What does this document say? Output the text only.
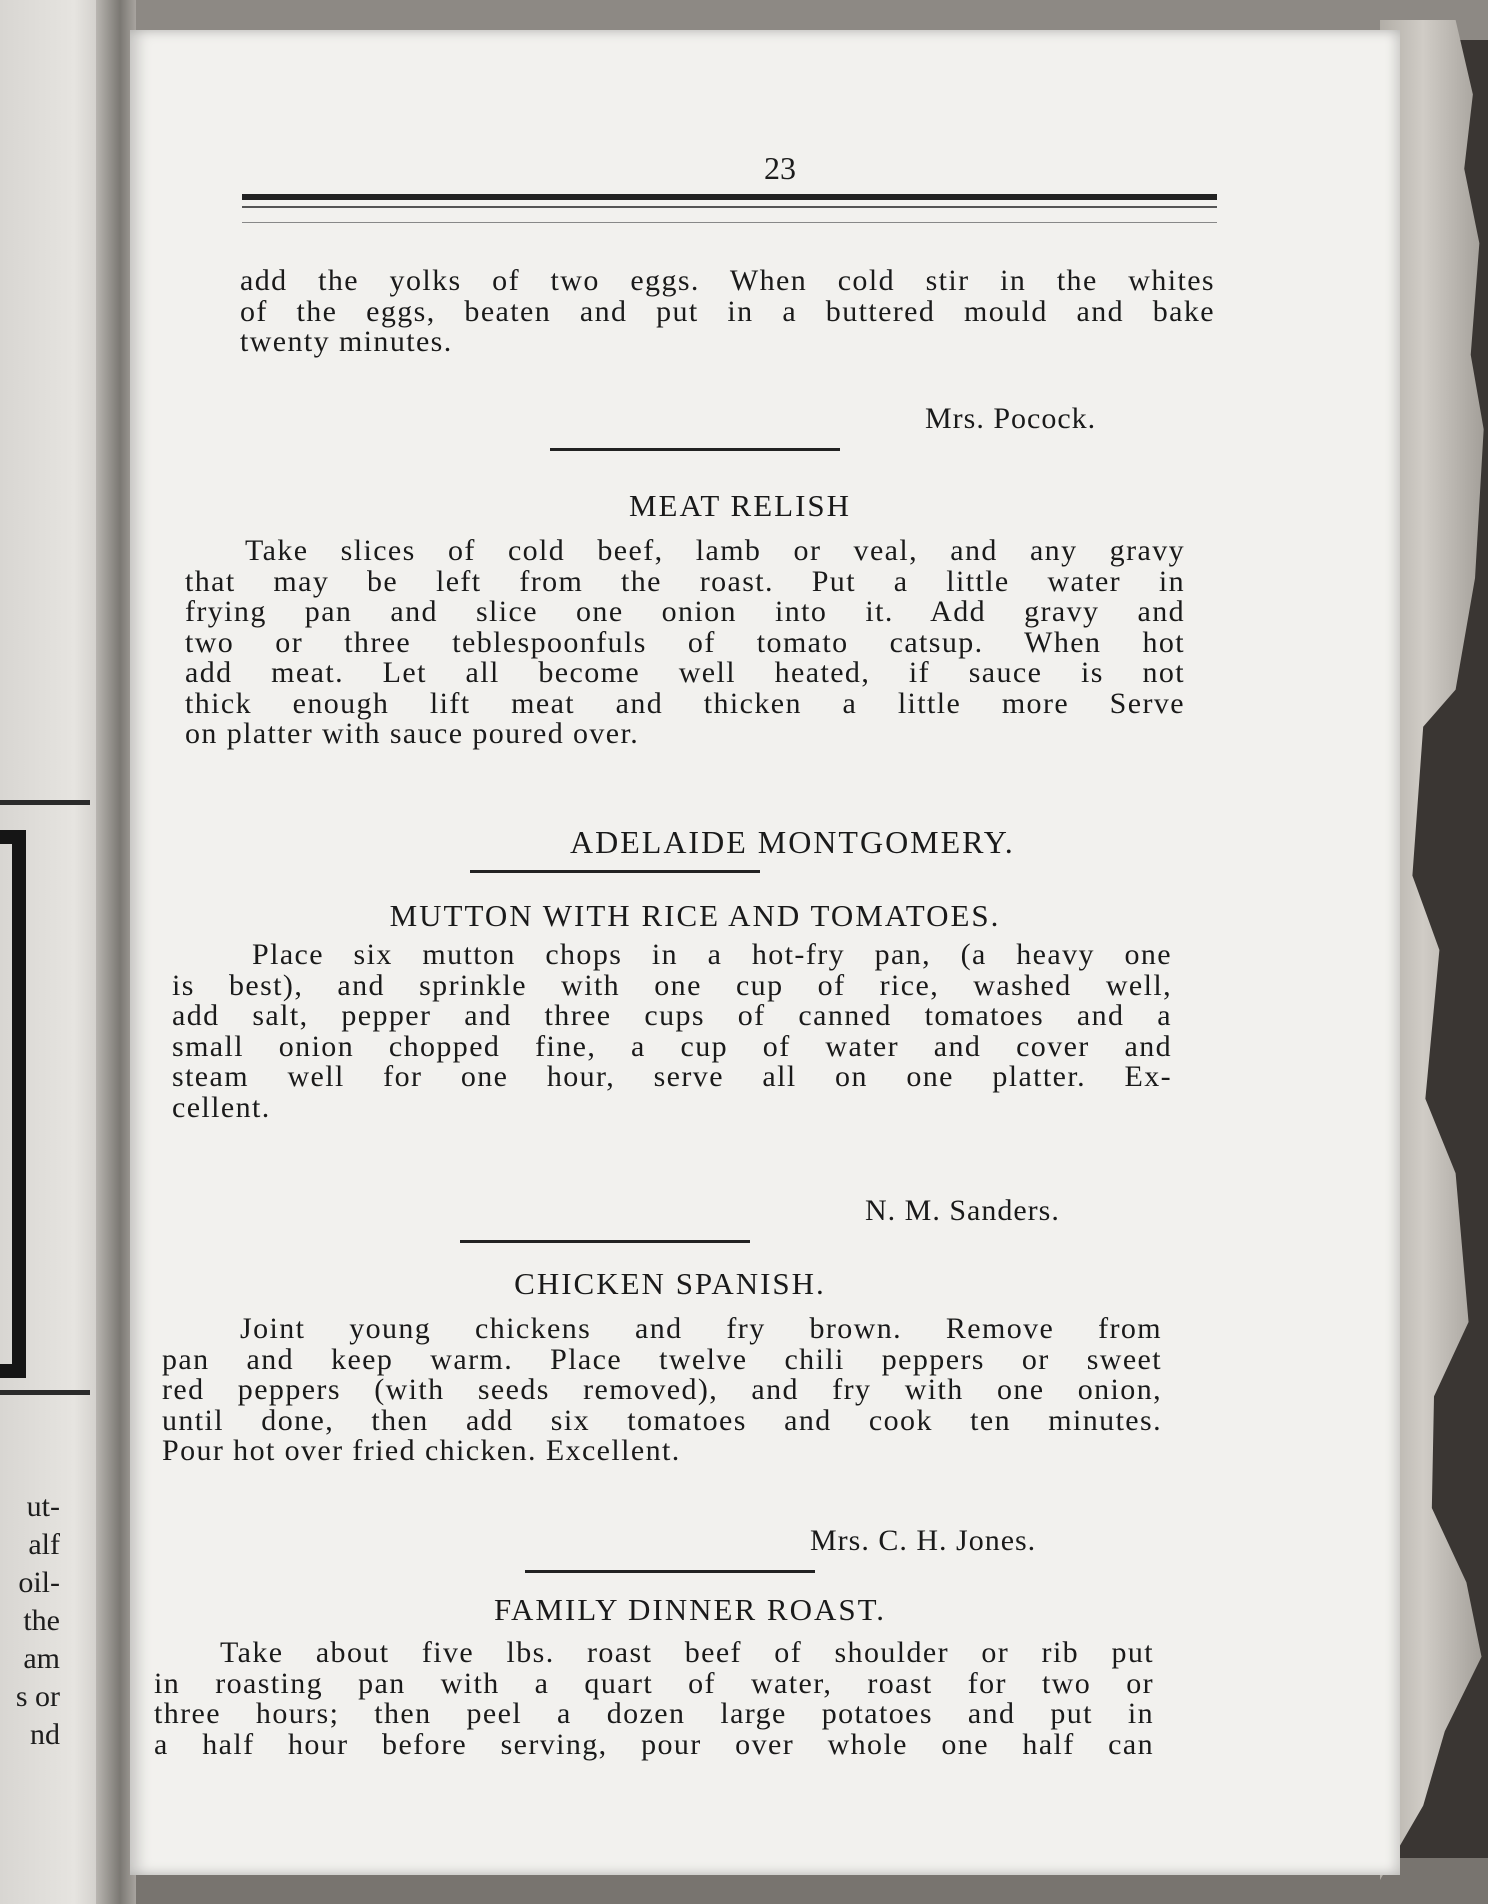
ut-
alf
oil-
the
am
s or
nd
23
add the yolks of two eggs. When cold stir in the whites
of the eggs, beaten and put in a buttered mould and bake
twenty minutes.
Mrs. Pocock.
MEAT RELISH
Take slices of cold beef, lamb or veal, and any gravy
that may be left from the roast. Put a little water in
frying pan and slice one onion into it. Add gravy and
two or three teblespoonfuls of tomato catsup. When hot
add meat. Let all become well heated, if sauce is not
thick enough lift meat and thicken a little more Serve
on platter with sauce poured over.
ADELAIDE MONTGOMERY.
MUTTON WITH RICE AND TOMATOES.
Place six mutton chops in a hot-fry pan, (a heavy one
is best), and sprinkle with one cup of rice, washed well,
add salt, pepper and three cups of canned tomatoes and a
small onion chopped fine, a cup of water and cover and
steam well for one hour, serve all on one platter. Ex-
cellent.
N. M. Sanders.
CHICKEN SPANISH.
Joint young chickens and fry brown. Remove from
pan and keep warm. Place twelve chili peppers or sweet
red peppers (with seeds removed), and fry with one onion,
until done, then add six tomatoes and cook ten minutes.
Pour hot over fried chicken. Excellent.
Mrs. C. H. Jones.
FAMILY DINNER ROAST.
Take about five lbs. roast beef of shoulder or rib put
in roasting pan with a quart of water, roast for two or
three hours; then peel a dozen large potatoes and put in
a half hour before serving, pour over whole one half can
